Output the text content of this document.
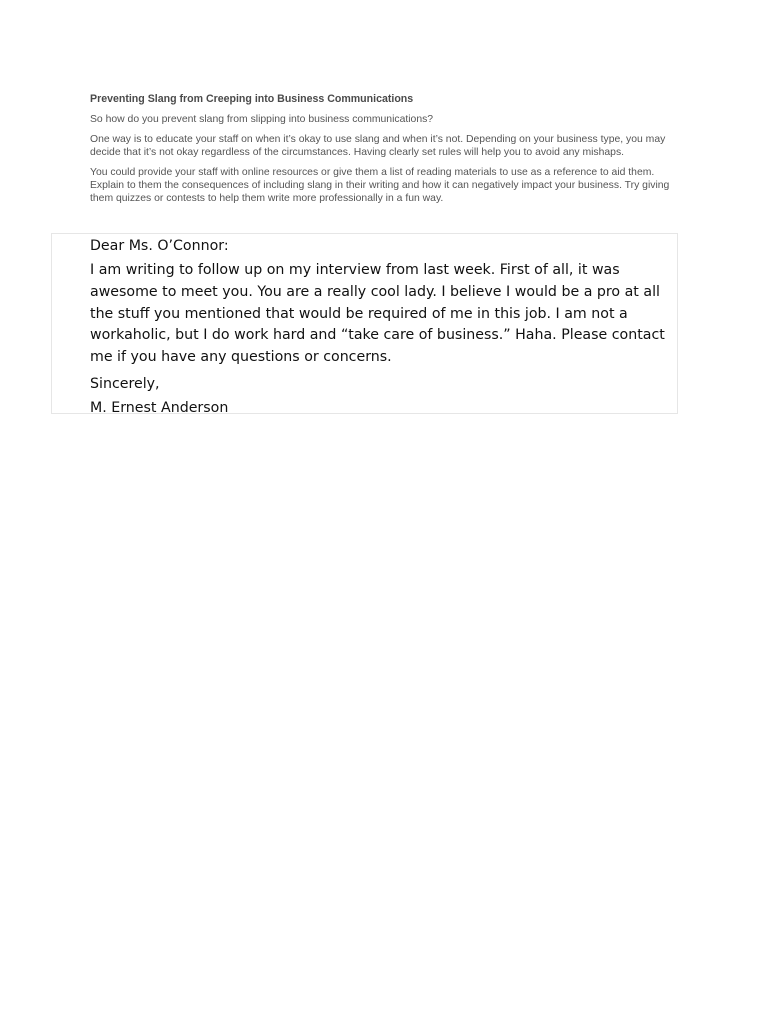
Preventing Slang from Creeping into Business Communications

So how do you prevent slang from slipping into business communications?

One way is to educate your staff on when it’s okay to use slang and when it’s not. Depending on your business type, you may decide that it’s not okay regardless of the circumstances. Having clearly set rules will help you to avoid any mishaps.

You could provide your staff with online resources or give them a list of reading materials to use as a reference to aid them. Explain to them the consequences of including slang in their writing and how it can negatively impact your business. Try giving them quizzes or contests to help them write more professionally in a fun way.

Dear Ms. O’Connor:
I am writing to follow up on my interview from last week. First of all, it was awesome to meet you. You are a really cool lady. I believe I would be a pro at all the stuff you mentioned that would be required of me in this job. I am not a workaholic, but I do work hard and “take care of business.” Haha. Please contact me if you have any questions or concerns.
Sincerely,
M. Ernest Anderson
